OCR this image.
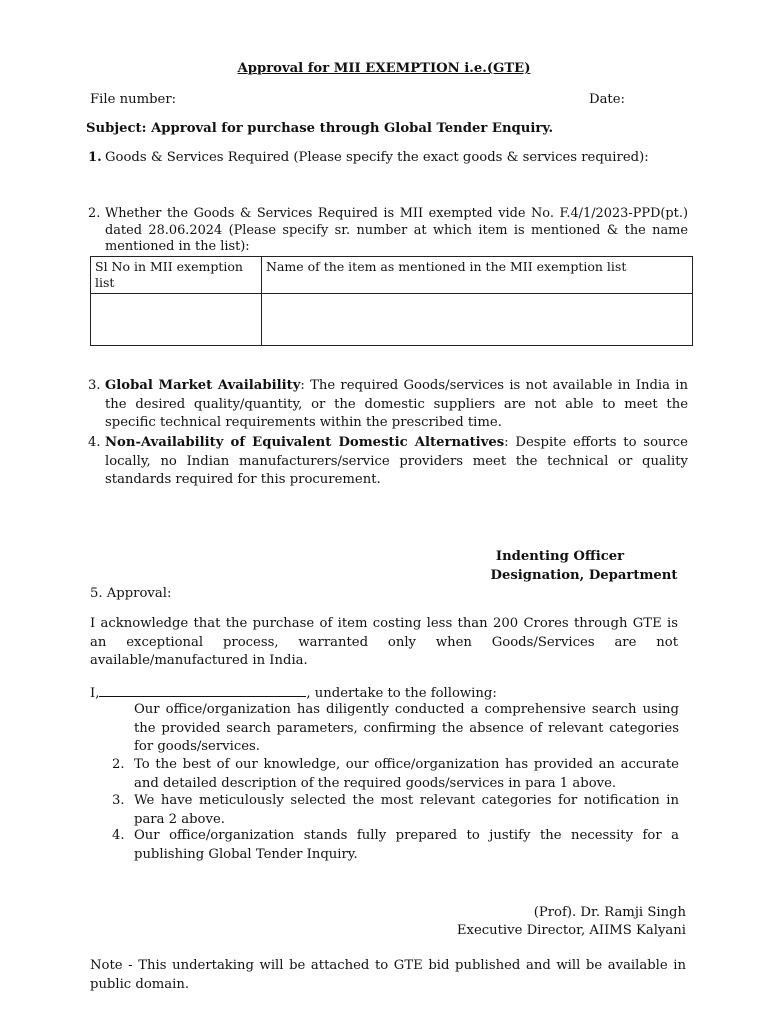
Approval for MII EXEMPTION i.e.(GTE)
File number:	Date:
Subject: Approval for purchase through Global Tender Enquiry.
1. Goods & Services Required (Please specify the exact goods & services required):
2. Whether the Goods & Services Required is MII exempted vide No. F.4/1/2023-PPD(pt.) dated 28.06.2024 (Please specify sr. number at which item is mentioned & the name mentioned in the list):
Sl No in MII exemption list	Name of the item as mentioned in the MII exemption list

3. Global Market Availability: The required Goods/services is not available in India in the desired quality/quantity, or the domestic suppliers are not able to meet the specific technical requirements within the prescribed time.
4. Non-Availability of Equivalent Domestic Alternatives: Despite efforts to source locally, no Indian manufacturers/service providers meet the technical or quality standards required for this procurement.
Indenting Officer
Designation, Department
5. Approval:
I acknowledge that the purchase of item costing less than 200 Crores through GTE is an exceptional process, warranted only when Goods/Services are not available/manufactured in India.
I,	, undertake to the following:
Our office/organization has diligently conducted a comprehensive search using the provided search parameters, confirming the absence of relevant categories for goods/services.
2. To the best of our knowledge, our office/organization has provided an accurate and detailed description of the required goods/services in para 1 above.
3. We have meticulously selected the most relevant categories for notification in para 2 above.
4. Our office/organization stands fully prepared to justify the necessity for a publishing Global Tender Inquiry.
(Prof). Dr. Ramji Singh
Executive Director, AIIMS Kalyani
Note - This undertaking will be attached to GTE bid published and will be available in public domain.
